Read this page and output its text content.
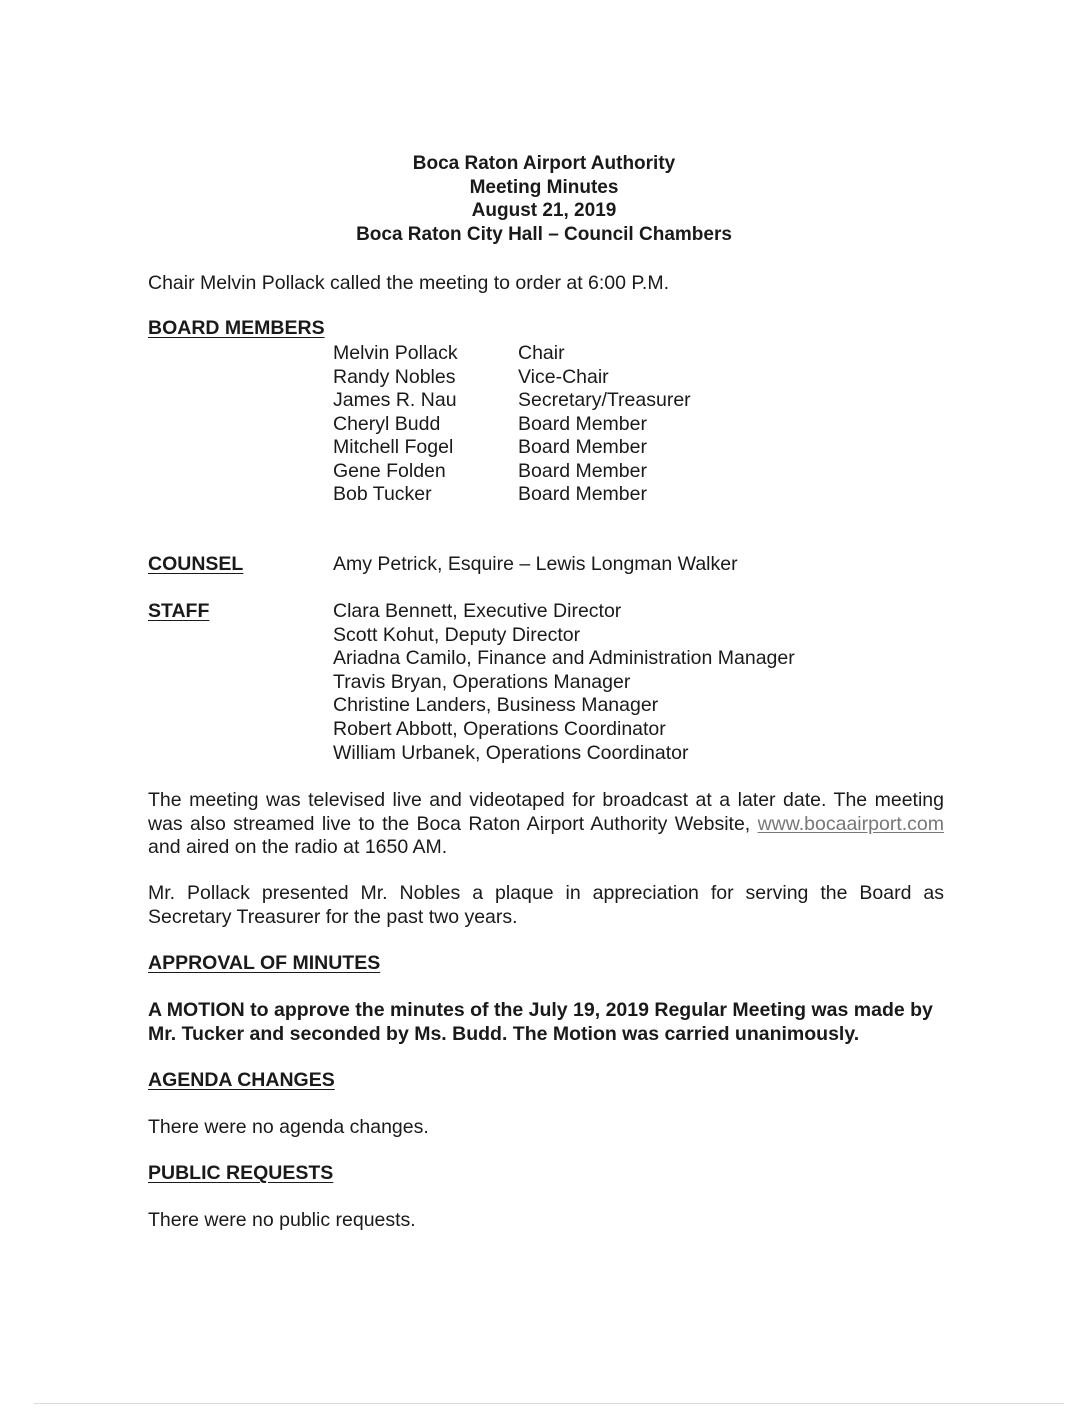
Boca Raton Airport Authority
Meeting Minutes
August 21, 2019
Boca Raton City Hall – Council Chambers
Chair Melvin Pollack called the meeting to order at 6:00 P.M.
BOARD MEMBERS
Melvin Pollack	Chair
Randy Nobles	Vice-Chair
James R. Nau	Secretary/Treasurer
Cheryl Budd	Board Member
Mitchell Fogel	Board Member
Gene Folden	Board Member
Bob Tucker	Board Member
COUNSEL	Amy Petrick, Esquire – Lewis Longman Walker
STAFF	Clara Bennett, Executive Director
Scott Kohut, Deputy Director
Ariadna Camilo, Finance and Administration Manager
Travis Bryan, Operations Manager
Christine Landers, Business Manager
Robert Abbott, Operations Coordinator
William Urbanek, Operations Coordinator
The meeting was televised live and videotaped for broadcast at a later date. The meeting was also streamed live to the Boca Raton Airport Authority Website, www.bocaairport.com and aired on the radio at 1650 AM.
Mr. Pollack presented Mr. Nobles a plaque in appreciation for serving the Board as Secretary Treasurer for the past two years.
APPROVAL OF MINUTES
A MOTION to approve the minutes of the July 19, 2019 Regular Meeting was made by Mr. Tucker and seconded by Ms. Budd. The Motion was carried unanimously.
AGENDA CHANGES
There were no agenda changes.
PUBLIC REQUESTS
There were no public requests.
